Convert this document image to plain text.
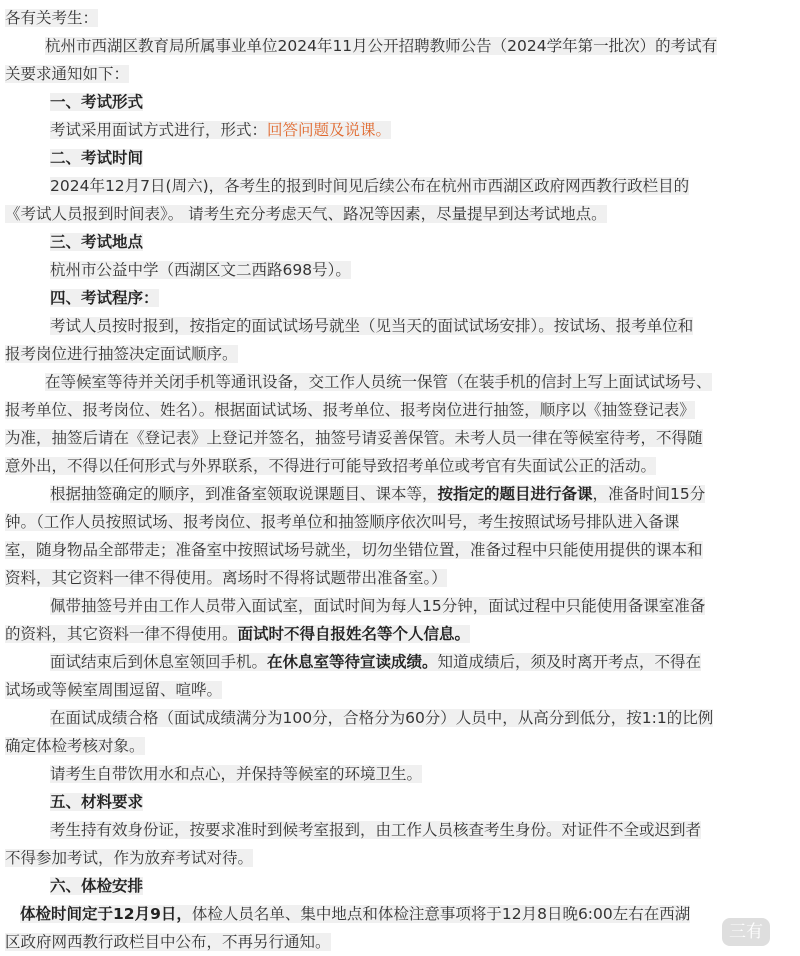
各有关考生：
杭州市西湖区教育局所属事业单位2024年11月公开招聘教师公告（2024学年第一批次）的考试有
关要求通知如下：
一、考试形式
考试采用面试方式进行，形式：回答问题及说课。
二、考试时间
2024年12月7日(周六)，各考生的报到时间见后续公布在杭州市西湖区政府网西教行政栏目的
《考试人员报到时间表》。 请考生充分考虑天气、路况等因素，尽量提早到达考试地点。
三、考试地点
杭州市公益中学（西湖区文二西路698号）。
四、考试程序：
考试人员按时报到，按指定的面试试场号就坐（见当天的面试试场安排）。按试场、报考单位和
报考岗位进行抽签决定面试顺序。
在等候室等待并关闭手机等通讯设备，交工作人员统一保管（在装手机的信封上写上面试试场号、
报考单位、报考岗位、姓名）。根据面试试场、报考单位、报考岗位进行抽签，顺序以《抽签登记表》
为准，抽签后请在《登记表》上登记并签名，抽签号请妥善保管。未考人员一律在等候室待考，不得随
意外出，不得以任何形式与外界联系，不得进行可能导致招考单位或考官有失面试公正的活动。
根据抽签确定的顺序，到准备室领取说课题目、课本等，按指定的题目进行备课，准备时间15分
钟。（工作人员按照试场、报考岗位、报考单位和抽签顺序依次叫号，考生按照试场号排队进入备课
室，随身物品全部带走；准备室中按照试场号就坐，切勿坐错位置，准备过程中只能使用提供的课本和
资料，其它资料一律不得使用。离场时不得将试题带出准备室。）
佩带抽签号并由工作人员带入面试室，面试时间为每人15分钟，面试过程中只能使用备课室准备
的资料，其它资料一律不得使用。面试时不得自报姓名等个人信息。
面试结束后到休息室领回手机。在休息室等待宣读成绩。知道成绩后，须及时离开考点，不得在
试场或等候室周围逗留、喧哗。
在面试成绩合格（面试成绩满分为100分，合格分为60分）人员中，从高分到低分，按1:1的比例
确定体检考核对象。
请考生自带饮用水和点心，并保持等候室的环境卫生。
五、材料要求
考生持有效身份证，按要求准时到候考室报到，由工作人员核查考生身份。对证件不全或迟到者
不得参加考试，作为放弃考试对待。
六、体检安排
体检时间定于12月9日，体检人员名单、集中地点和体检注意事项将于12月8日晚6:00左右在西湖
区政府网西教行政栏目中公布，不再另行通知。	三有
